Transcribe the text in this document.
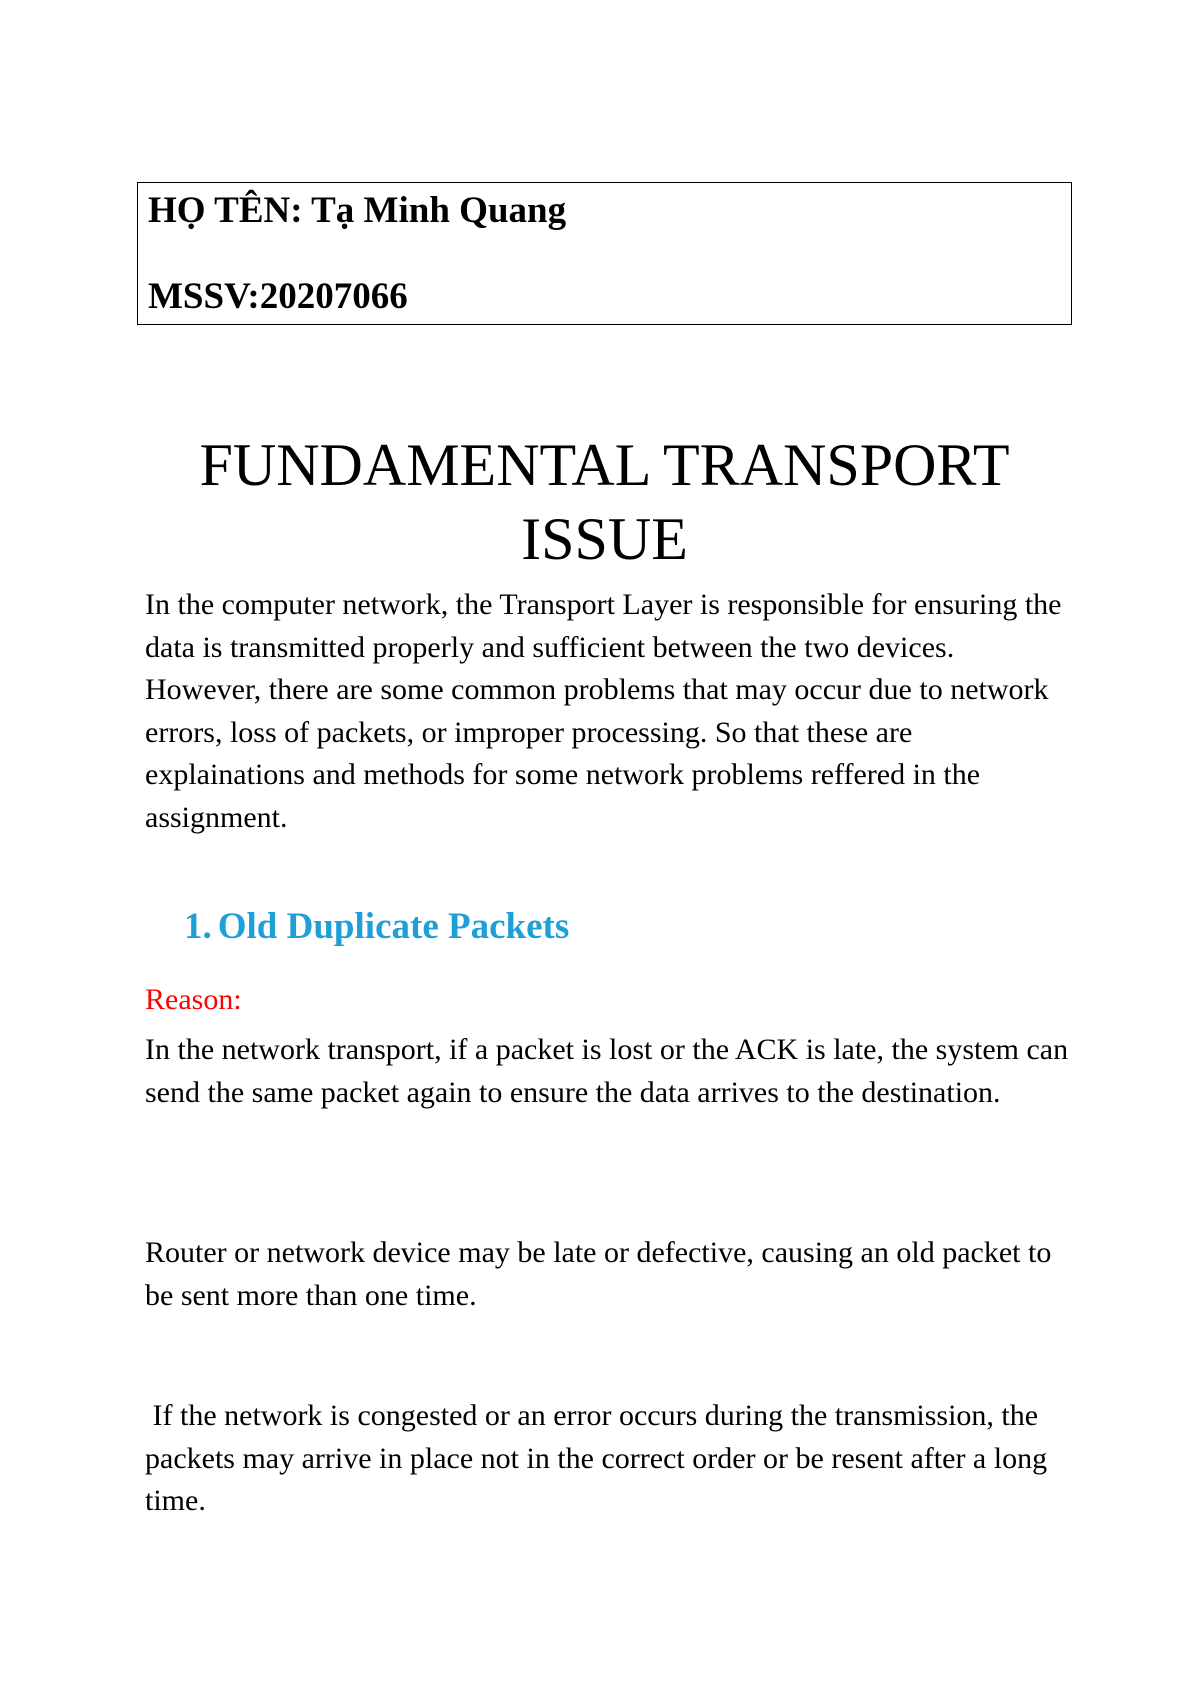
HỌ TÊN: Tạ Minh Quang
MSSV:20207066
FUNDAMENTAL TRANSPORT
ISSUE

In the computer network, the Transport Layer is responsible for ensuring the data is transmitted properly and sufficient between the two devices. However, there are some common problems that may occur due to network errors, loss of packets, or improper processing. So that these are explainations and methods for some network problems reffered in the assignment.

1. Old Duplicate Packets

Reason:

In the network transport, if a packet is lost or the ACK is late, the system can send the same packet again to ensure the data arrives to the destination.

Router or network device may be late or defective, causing an old packet to be sent more than one time.

If the network is congested or an error occurs during the transmission, the packets may arrive in place not in the correct order or be resent after a long time.
